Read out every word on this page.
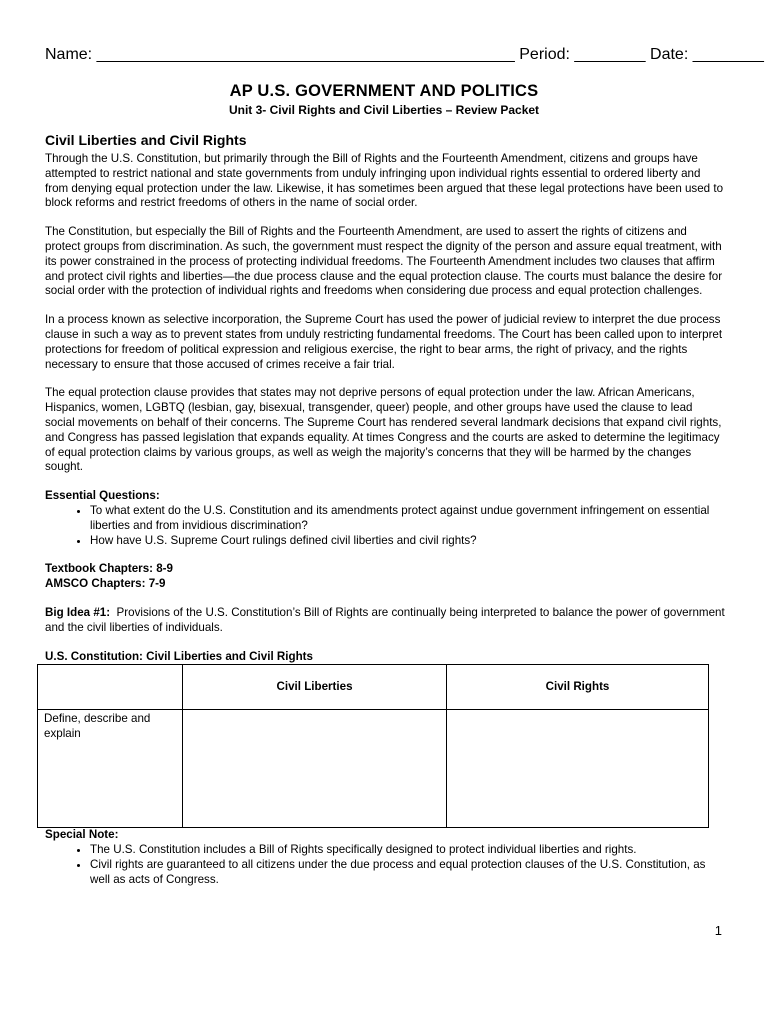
Name: _______________________________________________ Period: ________ Date: ________
AP U.S. GOVERNMENT AND POLITICS
Unit 3- Civil Rights and Civil Liberties – Review Packet
Civil Liberties and Civil Rights

Through the U.S. Constitution, but primarily through the Bill of Rights and the Fourteenth Amendment, citizens and groups have attempted to restrict national and state governments from unduly infringing upon individual rights essential to ordered liberty and from denying equal protection under the law. Likewise, it has sometimes been argued that these legal protections have been used to block reforms and restrict freedoms of others in the name of social order.

The Constitution, but especially the Bill of Rights and the Fourteenth Amendment, are used to assert the rights of citizens and protect groups from discrimination. As such, the government must respect the dignity of the person and assure equal treatment, with its power constrained in the process of protecting individual freedoms. The Fourteenth Amendment includes two clauses that affirm and protect civil rights and liberties—the due process clause and the equal protection clause. The courts must balance the desire for social order with the protection of individual rights and freedoms when considering due process and equal protection challenges.

In a process known as selective incorporation, the Supreme Court has used the power of judicial review to interpret the due process clause in such a way as to prevent states from unduly restricting fundamental freedoms. The Court has been called upon to interpret protections for freedom of political expression and religious exercise, the right to bear arms, the right of privacy, and the rights necessary to ensure that those accused of crimes receive a fair trial.

The equal protection clause provides that states may not deprive persons of equal protection under the law. African Americans, Hispanics, women, LGBTQ (lesbian, gay, bisexual, transgender, queer) people, and other groups have used the clause to lead social movements on behalf of their concerns. The Supreme Court has rendered several landmark decisions that expand civil rights, and Congress has passed legislation that expands equality. At times Congress and the courts are asked to determine the legitimacy of equal protection claims by various groups, as well as weigh the majority’s concerns that they will be harmed by the changes sought.

Essential Questions:
• To what extent do the U.S. Constitution and its amendments protect against undue government infringement on essential liberties and from invidious discrimination?
• How have U.S. Supreme Court rulings defined civil liberties and civil rights?
Textbook Chapters: 8-9
AMSCO Chapters: 7-9
Big Idea #1: Provisions of the U.S. Constitution’s Bill of Rights are continually being interpreted to balance the power of government and the civil liberties of individuals.
U.S. Constitution: Civil Liberties and Civil Rights
	Civil Liberties	Civil Rights
Define, describe and explain		
Special Note:
• The U.S. Constitution includes a Bill of Rights specifically designed to protect individual liberties and rights.
• Civil rights are guaranteed to all citizens under the due process and equal protection clauses of the U.S. Constitution, as well as acts of Congress.
1
